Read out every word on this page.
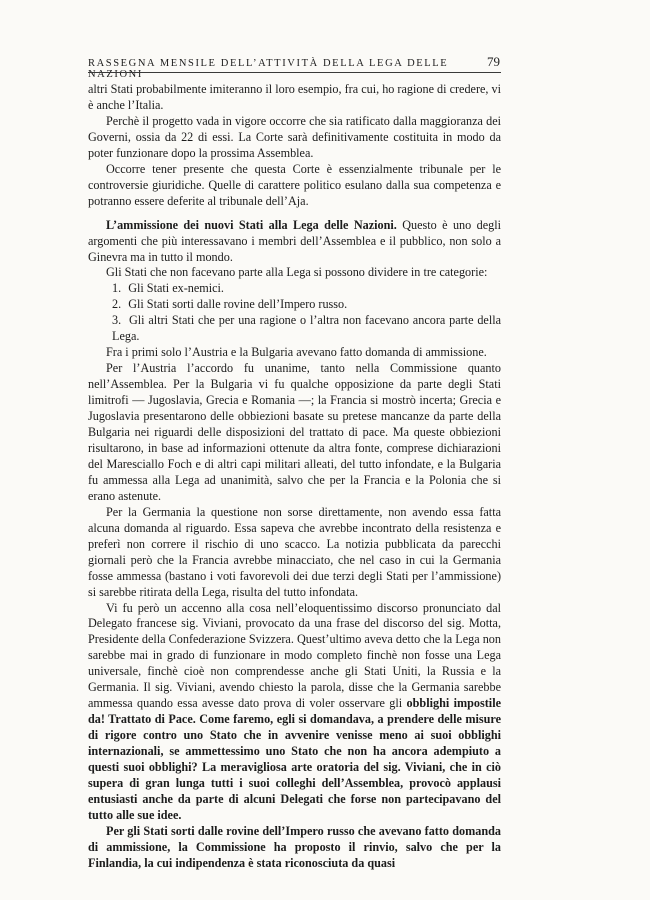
RASSEGNA MENSILE DELL’ATTIVITÀ DELLA LEGA DELLE NAZIONI
79

altri Stati probabilmente imiteranno il loro esempio, fra cui, ho ragione di credere, vi è anche l’Italia.

Perchè il progetto vada in vigore occorre che sia ratificato dalla maggioranza dei Governi, ossia da 22 di essi. La Corte sarà definitivamente costituita in modo da poter funzionare dopo la prossima Assemblea.

Occorre tener presente che questa Corte è essenzialmente tribunale per le controversie giuridiche. Quelle di carattere politico esulano dalla sua competenza e potranno essere deferite al tribunale dell’Aja.

L’ammissione dei nuovi Stati alla Lega delle Nazioni. Questo è uno degli argomenti che più interessavano i membri dell’Assemblea e il pubblico, non solo a Ginevra ma in tutto il mondo.

Gli Stati che non facevano parte alla Lega si possono dividere in tre categorie:

1. Gli Stati ex-nemici.

2. Gli Stati sorti dalle rovine dell’Impero russo.

3. Gli altri Stati che per una ragione o l’altra non facevano ancora parte della Lega.

Fra i primi solo l’Austria e la Bulgaria avevano fatto domanda di ammissione.

Per l’Austria l’accordo fu unanime, tanto nella Commissione quanto nell’Assemblea. Per la Bulgaria vi fu qualche opposizione da parte degli Stati limitrofi — Jugoslavia, Grecia e Romania —; la Francia si mostrò incerta; Grecia e Jugoslavia presentarono delle obbiezioni basate su pretese mancanze da parte della Bulgaria nei riguardi delle disposizioni del trattato di pace. Ma queste obbiezioni risultarono, in base ad informazioni ottenute da altra fonte, comprese dichiarazioni del Maresciallo Foch e di altri capi militari alleati, del tutto infondate, e la Bulgaria fu ammessa alla Lega ad unanimità, salvo che per la Francia e la Polonia che si erano astenute.

Per la Germania la questione non sorse direttamente, non avendo essa fatta alcuna domanda al riguardo. Essa sapeva che avrebbe incontrato della resistenza e preferì non correre il rischio di uno scacco. La notizia pubblicata da parecchi giornali però che la Francia avrebbe minacciato, che nel caso in cui la Germania fosse ammessa (bastano i voti favorevoli dei due terzi degli Stati per l’ammissione) si sarebbe ritirata della Lega, risulta del tutto infondata.

Vi fu però un accenno alla cosa nell’eloquentissimo discorso pronunciato dal Delegato francese sig. Viviani, provocato da una frase del discorso del sig. Motta, Presidente della Confederazione Svizzera. Quest’ultimo aveva detto che la Lega non sarebbe mai in grado di funzionare in modo completo finchè non fosse una Lega universale, finchè cioè non comprendesse anche gli Stati Uniti, la Russia e la Germania. Il sig. Viviani, avendo chiesto la parola, disse che la Germania sarebbe ammessa quando essa avesse dato prova di voler osservare gli obblighi impostile da! Trattato di Pace. Come faremo, egli si domandava, a prendere delle misure di rigore contro uno Stato che in avvenire venisse meno ai suoi obblighi internazionali, se ammettessimo uno Stato che non ha ancora adempiuto a questi suoi obblighi? La meravigliosa arte oratoria del sig. Viviani, che in ciò supera di gran lunga tutti i suoi colleghi dell’Assemblea, provocò applausi entusiasti anche da parte di alcuni Delegati che forse non partecipavano del tutto alle sue idee.

Per gli Stati sorti dalle rovine dell’Impero russo che avevano fatto domanda di ammissione, la Commissione ha proposto il rinvio, salvo che per la Finlandia, la cui indipendenza è stata riconosciuta da quasi
